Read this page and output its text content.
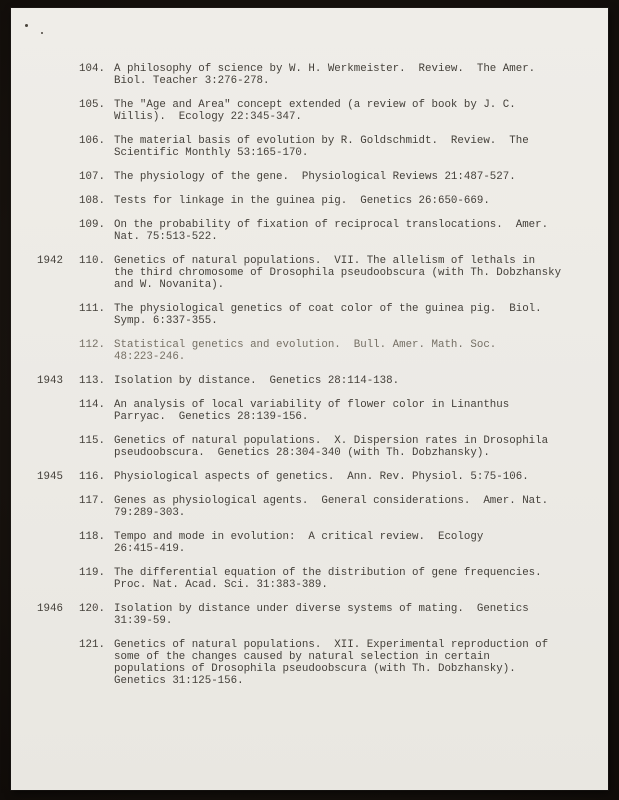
104. A philosophy of science by W. H. Werkmeister.  Review.  The Amer.
Biol. Teacher 3:276-278.
105. The "Age and Area" concept extended (a review of book by J. C.
Willis).  Ecology 22:345-347.
106. The material basis of evolution by R. Goldschmidt.  Review.  The
Scientific Monthly 53:165-170.
107. The physiology of the gene.  Physiological Reviews 21:487-527.
108. Tests for linkage in the guinea pig.  Genetics 26:650-669.
109. On the probability of fixation of reciprocal translocations.  Amer.
Nat. 75:513-522.
1942	110. Genetics of natural populations.  VII. The allelism of lethals in
the third chromosome of Drosophila pseudoobscura (with Th. Dobzhansky
and W. Novanita).
111. The physiological genetics of coat color of the guinea pig.  Biol.
Symp. 6:337-355.
112. Statistical genetics and evolution.  Bull. Amer. Math. Soc.
48:223-246.
1943	113. Isolation by distance.  Genetics 28:114-138.
114. An analysis of local variability of flower color in Linanthus
Parryac.  Genetics 28:139-156.
115. Genetics of natural populations.  X. Dispersion rates in Drosophila
pseudoobscura.  Genetics 28:304-340 (with Th. Dobzhansky).
1945	116. Physiological aspects of genetics.  Ann. Rev. Physiol. 5:75-106.
117. Genes as physiological agents.  General considerations.  Amer. Nat.
79:289-303.
118. Tempo and mode in evolution:  A critical review.  Ecology
26:415-419.
119. The differential equation of the distribution of gene frequencies.
Proc. Nat. Acad. Sci. 31:383-389.
1946	120. Isolation by distance under diverse systems of mating.  Genetics
31:39-59.
121. Genetics of natural populations.  XII. Experimental reproduction of
some of the changes caused by natural selection in certain
populations of Drosophila pseudoobscura (with Th. Dobzhansky).
Genetics 31:125-156.
